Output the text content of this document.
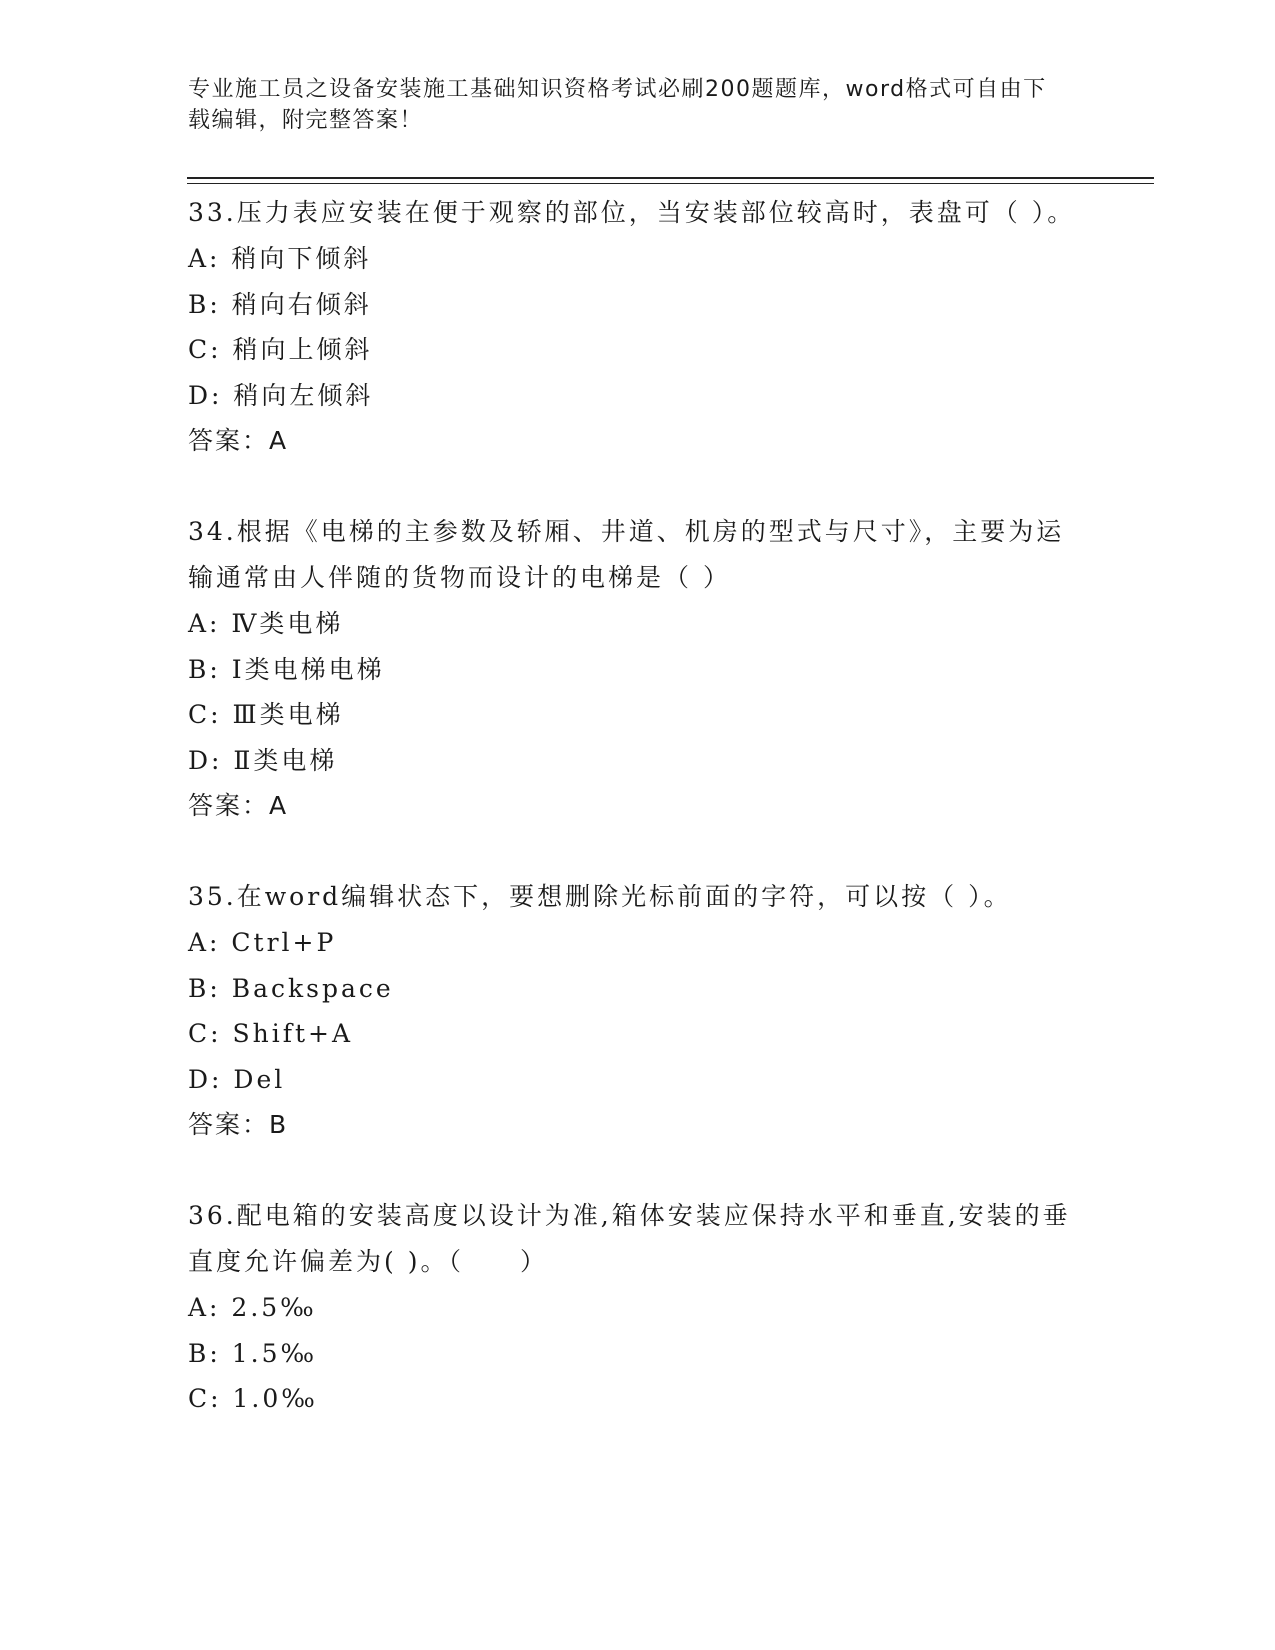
专业施工员之设备安装施工基础知识资格考试必刷200题题库，word格式可自由下载编辑，附完整答案！

33.压力表应安装在便于观察的部位，当安装部位较高时，表盘可（ ）。

A: 稍向下倾斜

B: 稍向右倾斜

C: 稍向上倾斜

D: 稍向左倾斜

答案：A

34.根据《电梯的主参数及轿厢、井道、机房的型式与尺寸》，主要为运输通常由人伴随的货物而设计的电梯是（ ）

A: Ⅳ类电梯

B: Ⅰ类电梯电梯

C: Ⅲ类电梯

D: Ⅱ类电梯

答案：A

35.在word编辑状态下，要想删除光标前面的字符，可以按（ ）。

A: Ctrl+P

B: Backspace

C: Shift+A

D: Del

答案：B

36.配电箱的安装高度以设计为准,箱体安装应保持水平和垂直,安装的垂直度允许偏差为( )。（　　）

A: 2.5‰

B: 1.5‰

C: 1.0‰
